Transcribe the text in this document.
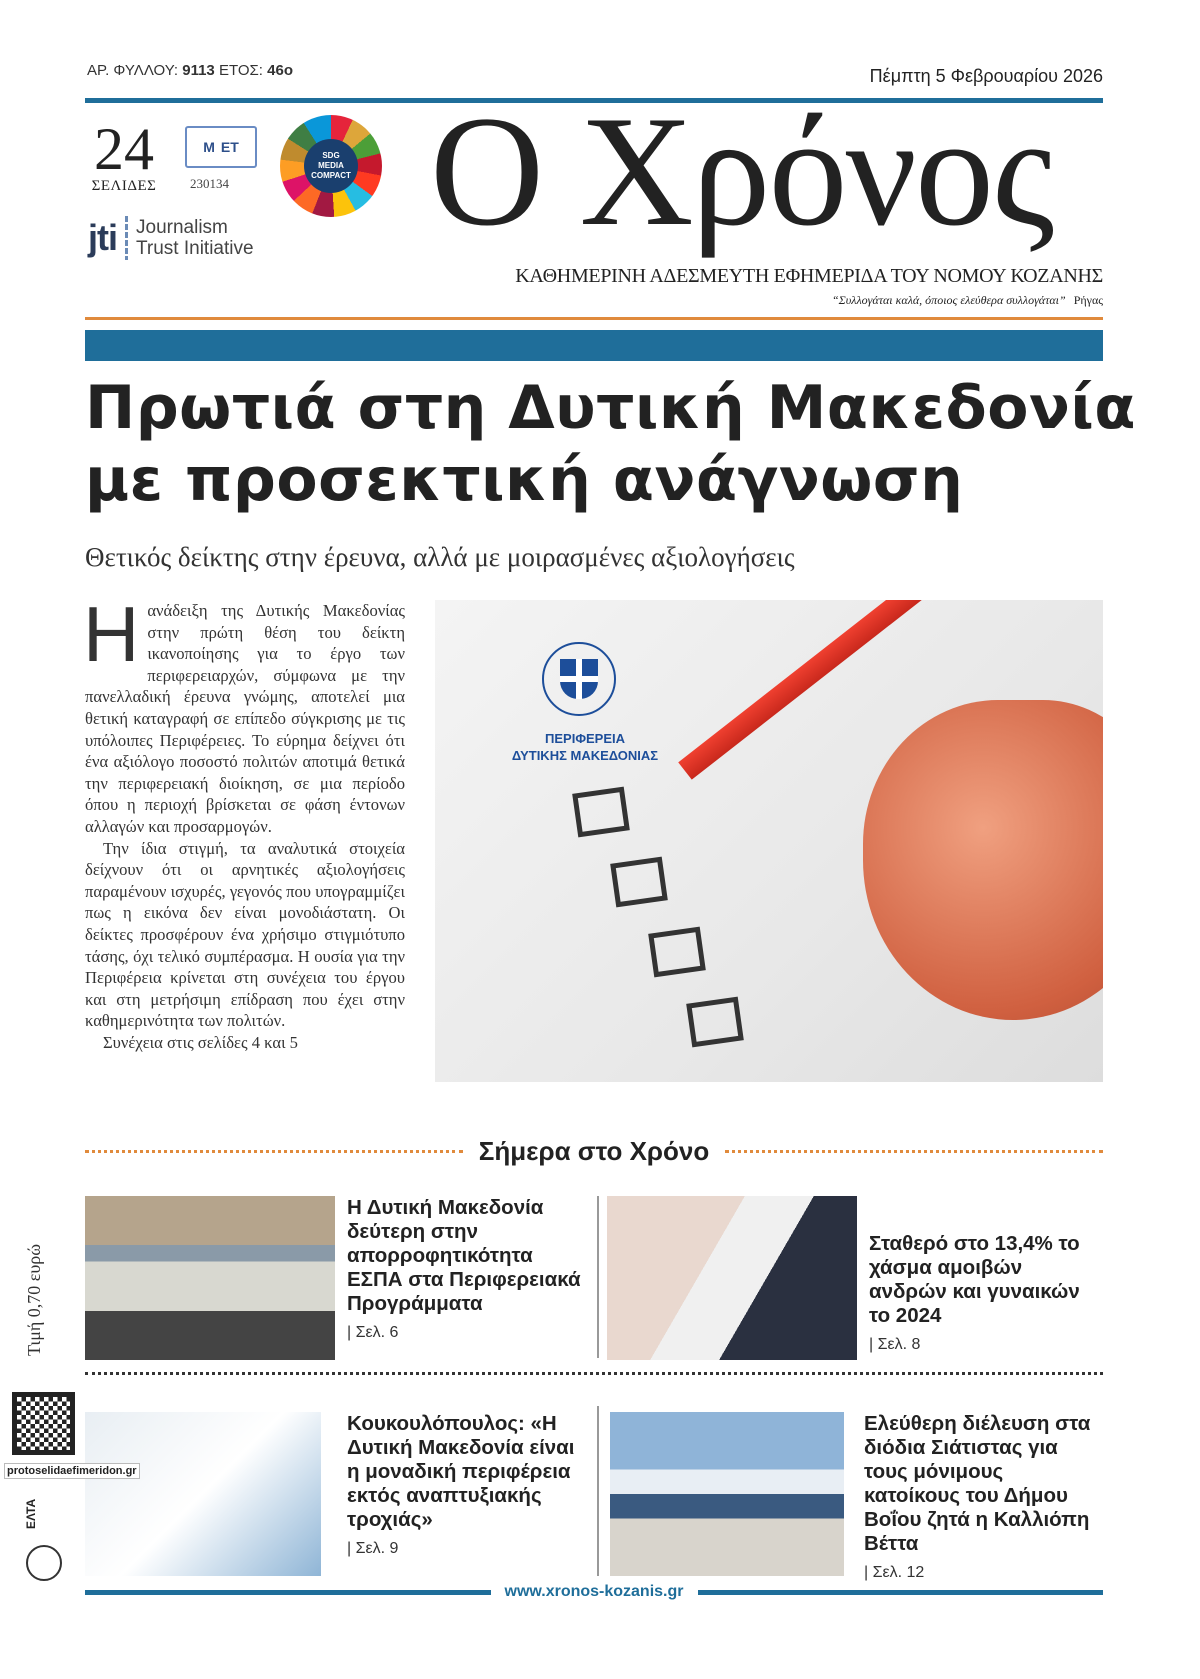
ΑΡ. ΦΥΛΛΟΥ: 9113 ΕΤΟΣ: 46ο	Πέμπτη 5 Φεβρουαρίου 2026
24
ΣΕΛΙΔΕΣ
M ET
230134
SDG
MEDIA
COMPACT
jti Journalism
Trust Initiative Ο Χρόνος
ΚΑΘΗΜΕΡΙΝΗ ΑΔΕΣΜΕΥΤΗ ΕΦΗΜΕΡΙΔΑ ΤΟΥ ΝΟΜΟΥ ΚΟΖΑΝΗΣ
“Συλλογάται καλά, όποιος ελεύθερα συλλογάται” Ρήγας
Πρωτιά στη Δυτική Μακεδονία
με προσεκτική ανάγνωση
Θετικός δείκτης στην έρευνα, αλλά με μοιρασμένες αξιολογήσεις
Η ανάδειξη της Δυτικής Μακεδονίας στην πρώτη θέση του δείκτη ικανοποίησης για το έργο των περιφερειαρχών, σύμφωνα με την πανελλαδική έρευνα γνώμης, αποτελεί μια θετική καταγραφή σε επίπεδο σύγκρισης με τις υπόλοιπες Περιφέρειες. Το εύρημα δείχνει ότι ένα αξιόλογο ποσοστό πολιτών αποτιμά θετικά την περιφερειακή διοίκηση, σε μια περίοδο όπου η περιοχή βρίσκεται σε φάση έντονων αλλαγών και προσαρμογών.

Την ίδια στιγμή, τα αναλυτικά στοιχεία δείχνουν ότι οι αρνητικές αξιολογήσεις παραμένουν ισχυρές, γεγονός που υπογραμμίζει πως η εικόνα δεν είναι μονοδιάστατη. Οι δείκτες προσφέρουν ένα χρήσιμο στιγμιότυπο τάσης, όχι τελικό συμπέρασμα. Η ουσία για την Περιφέρεια κρίνεται στη συνέχεια του έργου και στη μετρήσιμη επίδραση που έχει στην καθημερινότητα των πολιτών.

Συνέχεια στις σελίδες 4 και 5

ΠΕΡΙΦΕΡΕΙΑ
ΔΥΤΙΚΗΣ ΜΑΚΕΔΟΝΙΑΣ
Σήμερα στο Χρόνο
Η Δυτική Μακεδονία δεύτερη στην απορροφητικότητα ΕΣΠΑ στα Περιφερειακά Προγράμματα
| Σελ. 6
Σταθερό στο 13,4% το χάσμα αμοιβών ανδρών και γυναικών το 2024
| Σελ. 8
Κουκουλόπουλος: «Η Δυτική Μακεδονία είναι η μοναδική περιφέρεια εκτός αναπτυξιακής τροχιάς»
| Σελ. 9
Ελεύθερη διέλευση στα διόδια Σιάτιστας για τους μόνιμους κατοίκους του Δήμου Βοΐου ζητά η Καλλιόπη Βέττα
| Σελ. 12
Τιμή 0,70 ευρώ
protoselidaefimeridon.gr
ΕΛΤΑ
www.xronos-kozanis.gr
